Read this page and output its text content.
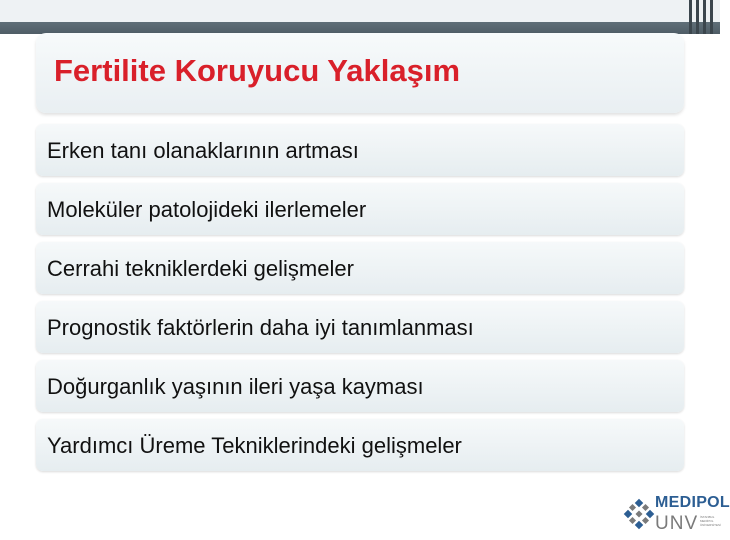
Fertilite Koruyucu Yaklaşım
Erken tanı olanaklarının artması
Moleküler patolojideki ilerlemeler
Cerrahi tekniklerdeki gelişmeler
Prognostik faktörlerin daha iyi tanımlanması
Doğurganlık yaşının ileri yaşa kayması
Yardımcı Üreme Tekniklerindeki gelişmeler
MEDIPOL
UNV İSTANBUL MEDİPOL ÜNİVERSİTESİ
